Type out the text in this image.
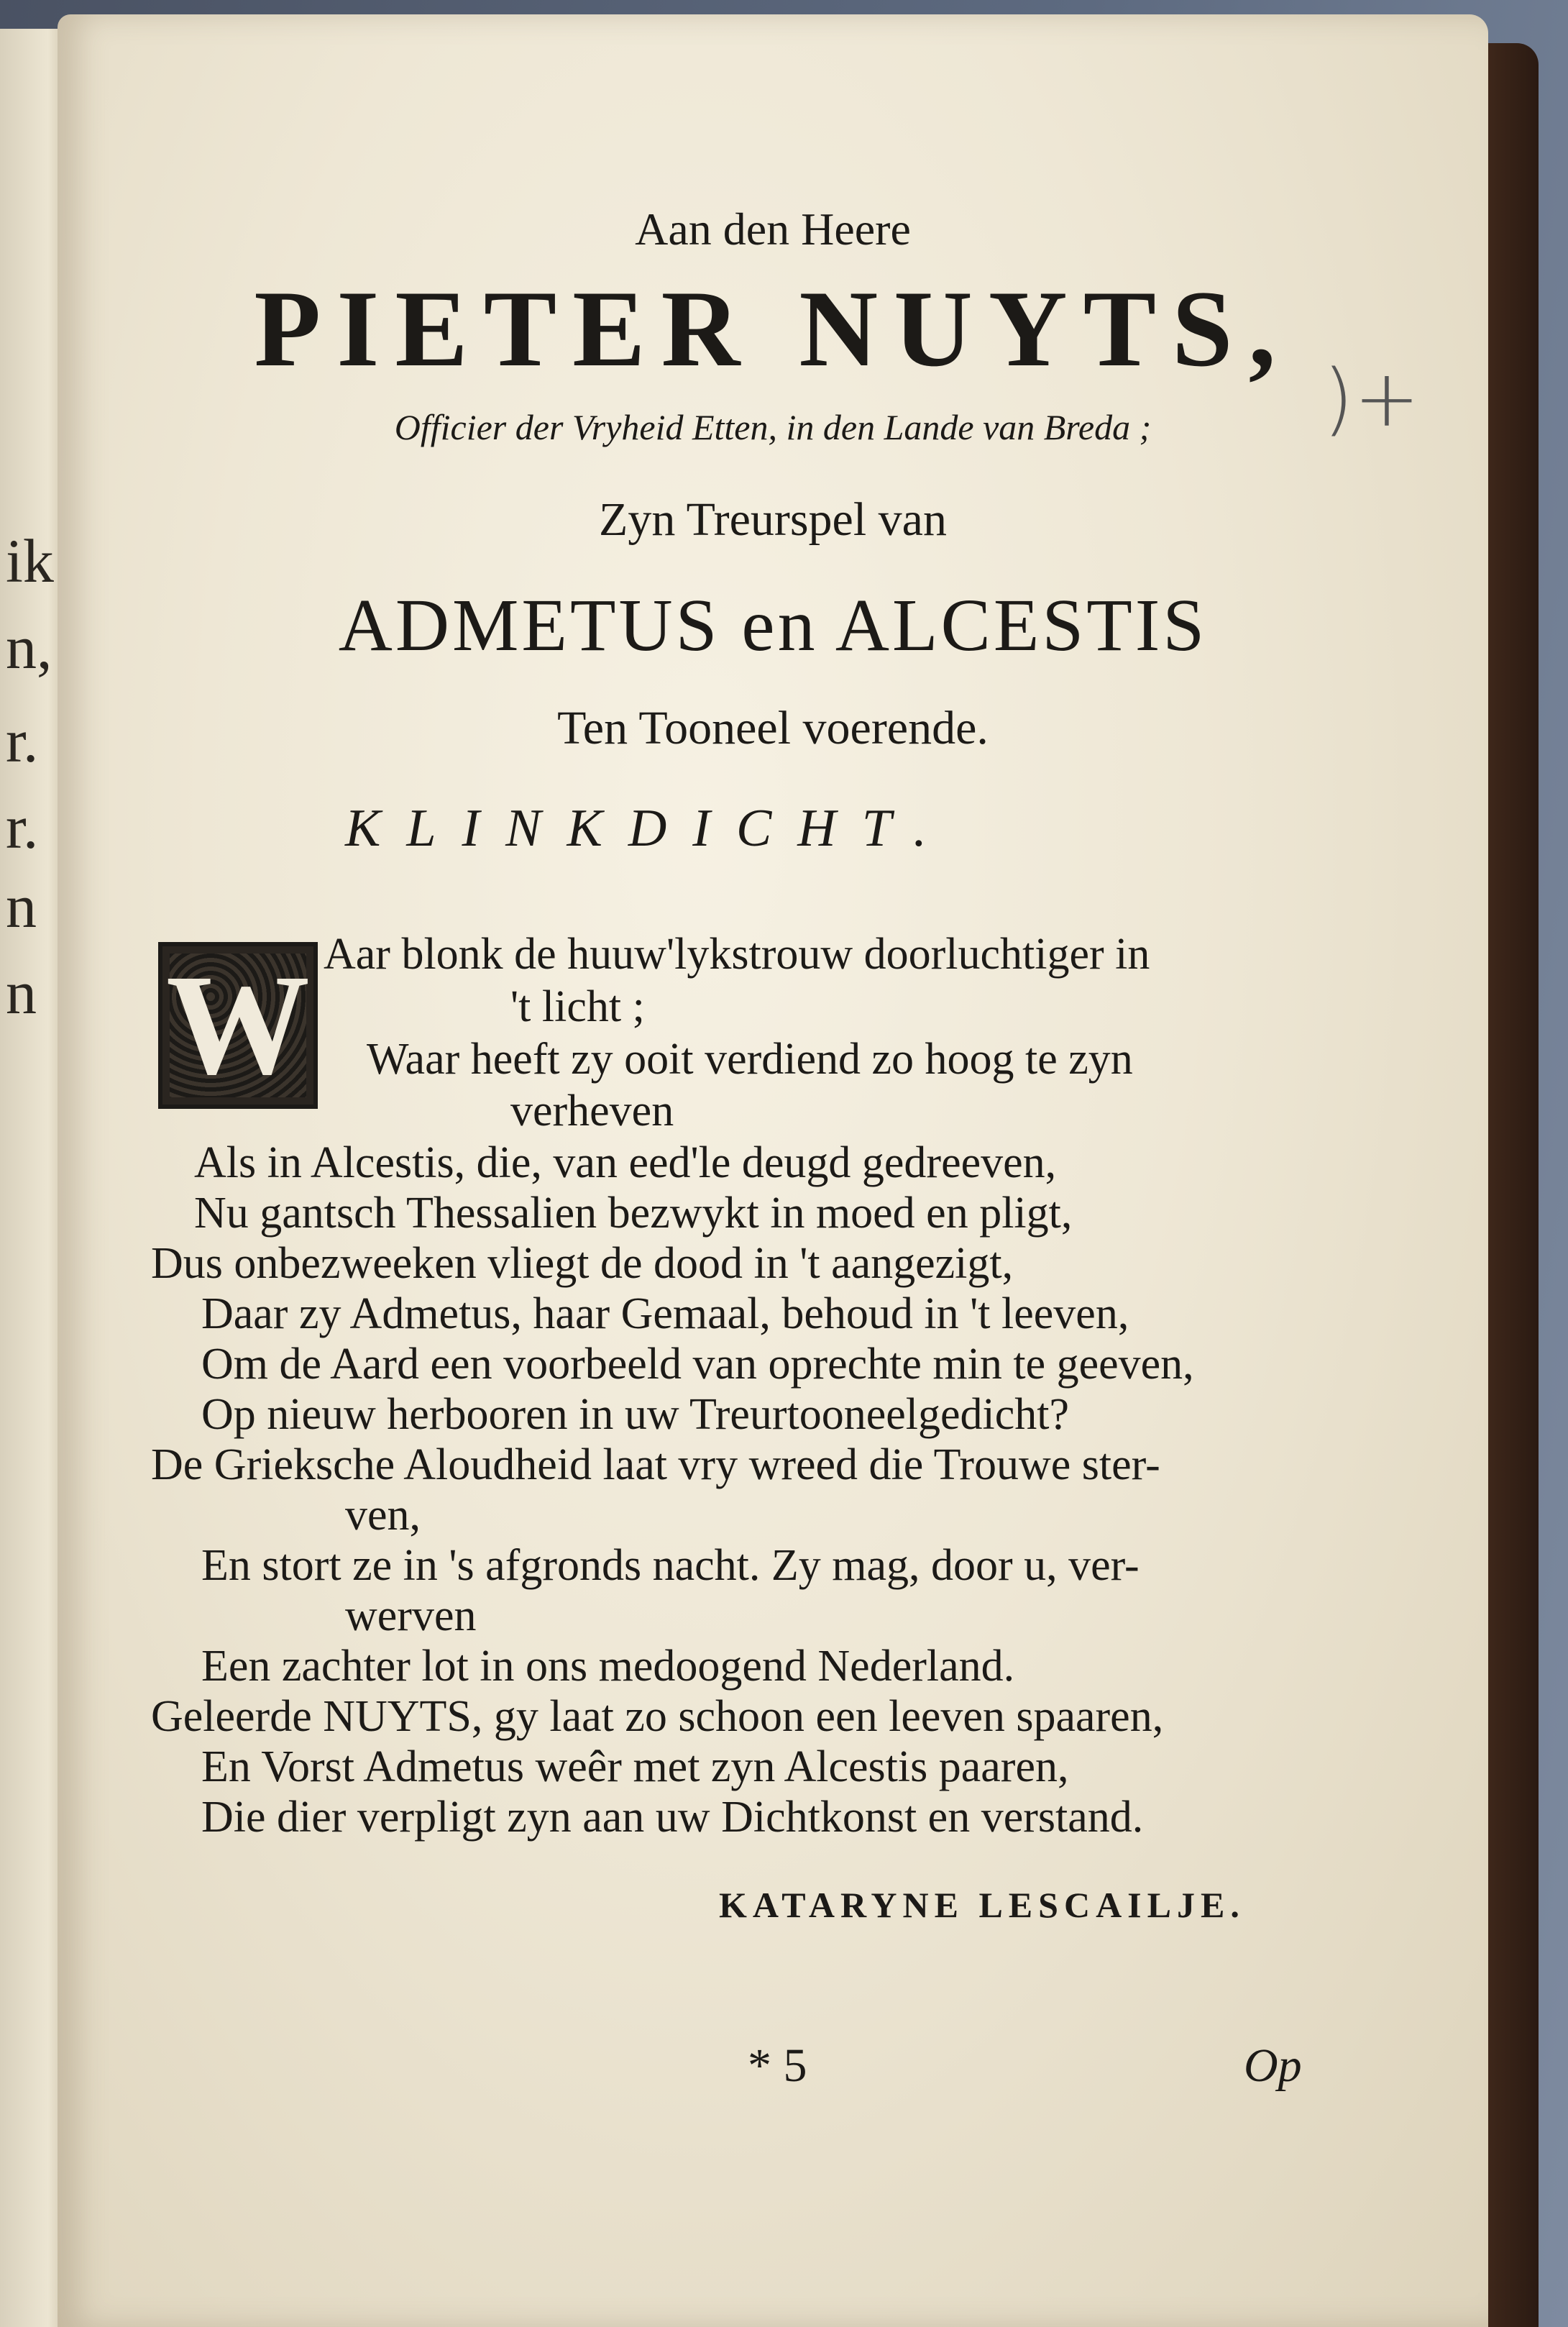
ik
n,
r.
r.
n
n
Aan den Heere
PIETER NUYTS,
Officier der Vryheid Etten, in den Lande van Breda ;
Zyn Treurspel van
ADMETUS en ALCESTIS
Ten Tooneel voerende.
KLINKDICHT.
W Aar blonk de huuw'lykstrouw doorluchtiger in
't licht ;
Waar heeft zy ooit verdiend zo hoog te zyn
verheven
Als in Alcestis, die, van eed'le deugd gedreeven,
Nu gantsch Thessalien bezwykt in moed en pligt,
Dus onbezweeken vliegt de dood in 't aangezigt,
Daar zy Admetus, haar Gemaal, behoud in 't leeven,
Om de Aard een voorbeeld van oprechte min te geeven,
Op nieuw herbooren in uw Treurtooneelgedicht?
De Grieksche Aloudheid laat vry wreed die Trouwe ster-
ven,
En stort ze in 's afgronds nacht. Zy mag, door u, ver-
werven
Een zachter lot in ons medoogend Nederland.
Geleerde NUYTS, gy laat zo schoon een leeven spaaren,
En Vorst Admetus weêr met zyn Alcestis paaren,
Die dier verpligt zyn aan uw Dichtkonst en verstand.
KATARYNE LESCAILJE.
* 5	Op
)+
